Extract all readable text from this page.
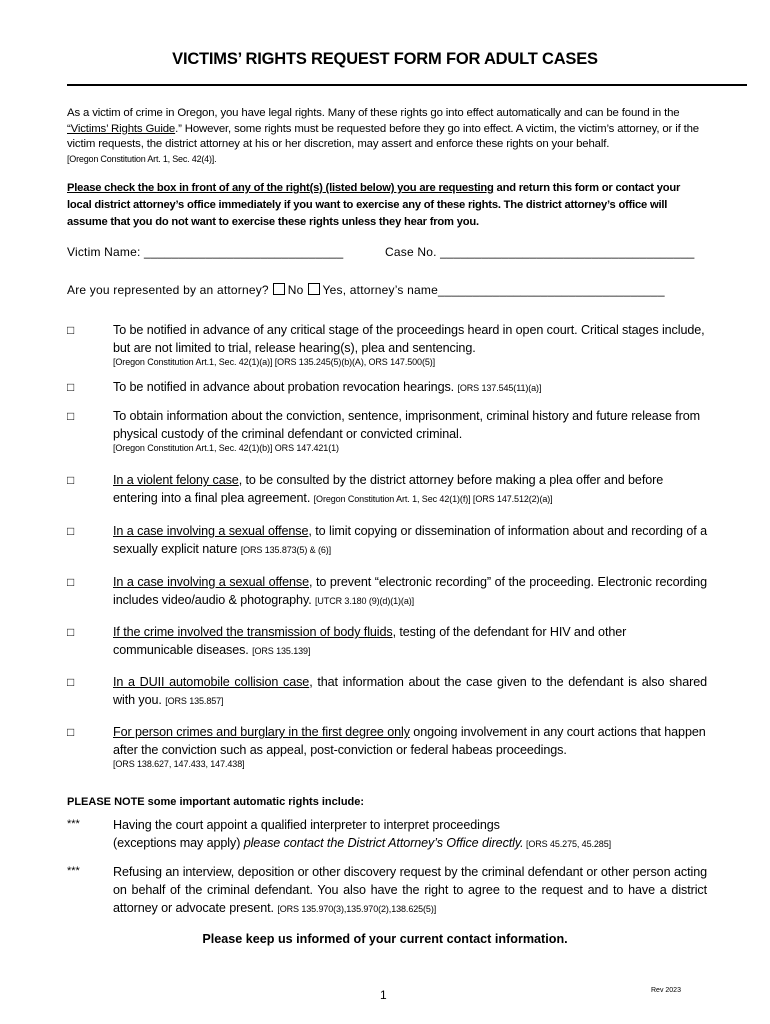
VICTIMS’ RIGHTS REQUEST FORM FOR ADULT CASES
As a victim of crime in Oregon, you have legal rights. Many of these rights go into effect automatically and can be found in the “Victims’ Rights Guide.” However, some rights must be requested before they go into effect. A victim, the victim’s attorney, or if the victim requests, the district attorney at his or her discretion, may assert and enforce these rights on your behalf.
[Oregon Constitution Art. 1, Sec. 42(4)].
Please check the box in front of any of the right(s) (listed below) you are requesting and return this form or contact your local district attorney’s office immediately if you want to exercise any of these rights. The district attorney’s office will assume that you do not want to exercise these rights unless they hear from you.
Victim Name: _____________________________	Case No. _____________________________________
Are you represented by an attorney? No Yes, attorney’s name_________________________________
□	To be notified in advance of any critical stage of the proceedings heard in open court. Critical stages include, but are not limited to trial, release hearing(s), plea and sentencing.
[Oregon Constitution Art.1, Sec. 42(1)(a)] [ORS 135.245(5)(b)(A), ORS 147.500(5)]
□	To be notified in advance about probation revocation hearings. [ORS 137.545(11)(a)]
□	To obtain information about the conviction, sentence, imprisonment, criminal history and future release from physical custody of the criminal defendant or convicted criminal.
[Oregon Constitution Art.1, Sec. 42(1)(b)] ORS 147.421(1)
□	In a violent felony case, to be consulted by the district attorney before making a plea offer and before entering into a final plea agreement. [Oregon Constitution Art. 1, Sec 42(1)(f)] [ORS 147.512(2)(a)]
□	In a case involving a sexual offense, to limit copying or dissemination of information about and recording of a sexually explicit nature [ORS 135.873(5) & (6)]
□	In a case involving a sexual offense, to prevent “electronic recording” of the proceeding. Electronic recording includes video/audio & photography. [UTCR 3.180 (9)(d)(1)(a)]
□	If the crime involved the transmission of body fluids, testing of the defendant for HIV and other communicable diseases. [ORS 135.139]
□	In a DUII automobile collision case, that information about the case given to the defendant is also shared with you. [ORS 135.857]
□	For person crimes and burglary in the first degree only ongoing involvement in any court actions that happen after the conviction such as appeal, post-conviction or federal habeas proceedings.
[ORS 138.627, 147.433, 147.438]
PLEASE NOTE some important automatic rights include:
***	Having the court appoint a qualified interpreter to interpret proceedings
(exceptions may apply) please contact the District Attorney’s Office directly. [ORS 45.275, 45.285]
***	Refusing an interview, deposition or other discovery request by the criminal defendant or other person acting on behalf of the criminal defendant. You also have the right to agree to the request and to have a district attorney or advocate present. [ORS 135.970(3),135.970(2),138.625(5)]
Please keep us informed of your current contact information.
1	Rev 2023
